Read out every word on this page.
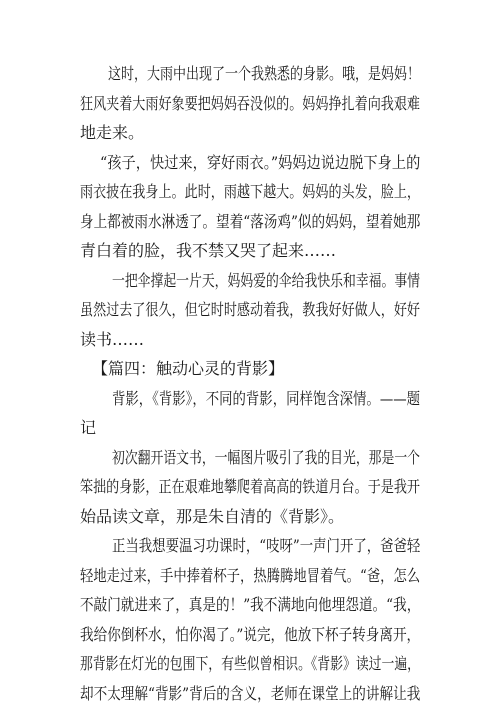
这时，大雨中出现了一个我熟悉的身影。哦，是妈妈！
狂风夹着大雨好象要把妈妈吞没似的。妈妈挣扎着向我艰难
地走来。
“孩子，快过来，穿好雨衣。”妈妈边说边脱下身上的
雨衣披在我身上。此时，雨越下越大。妈妈的头发，脸上，
身上都被雨水淋透了。望着“落汤鸡”似的妈妈，望着她那
青白着的脸，我不禁又哭了起来……
一把伞撑起一片天，妈妈爱的伞给我快乐和幸福。事情
虽然过去了很久，但它时时感动着我，教我好好做人，好好
读书……
【篇四：触动心灵的背影】
背影，《背影》，不同的背影，同样饱含深情。——题
记
初次翻开语文书，一幅图片吸引了我的目光，那是一个
笨拙的身影，正在艰难地攀爬着高高的铁道月台。于是我开
始品读文章，那是朱自清的《背影》。
正当我想要温习功课时，“吱呀”一声门开了，爸爸轻
轻地走过来，手中捧着杯子，热腾腾地冒着气。“爸，怎么
不敲门就进来了，真是的！”我不满地向他埋怨道。“我，
我给你倒杯水，怕你渴了。”说完，他放下杯子转身离开，
那背影在灯光的包围下，有些似曾相识。《背影》读过一遍，
却不太理解“背影”背后的含义，老师在课堂上的讲解让我
